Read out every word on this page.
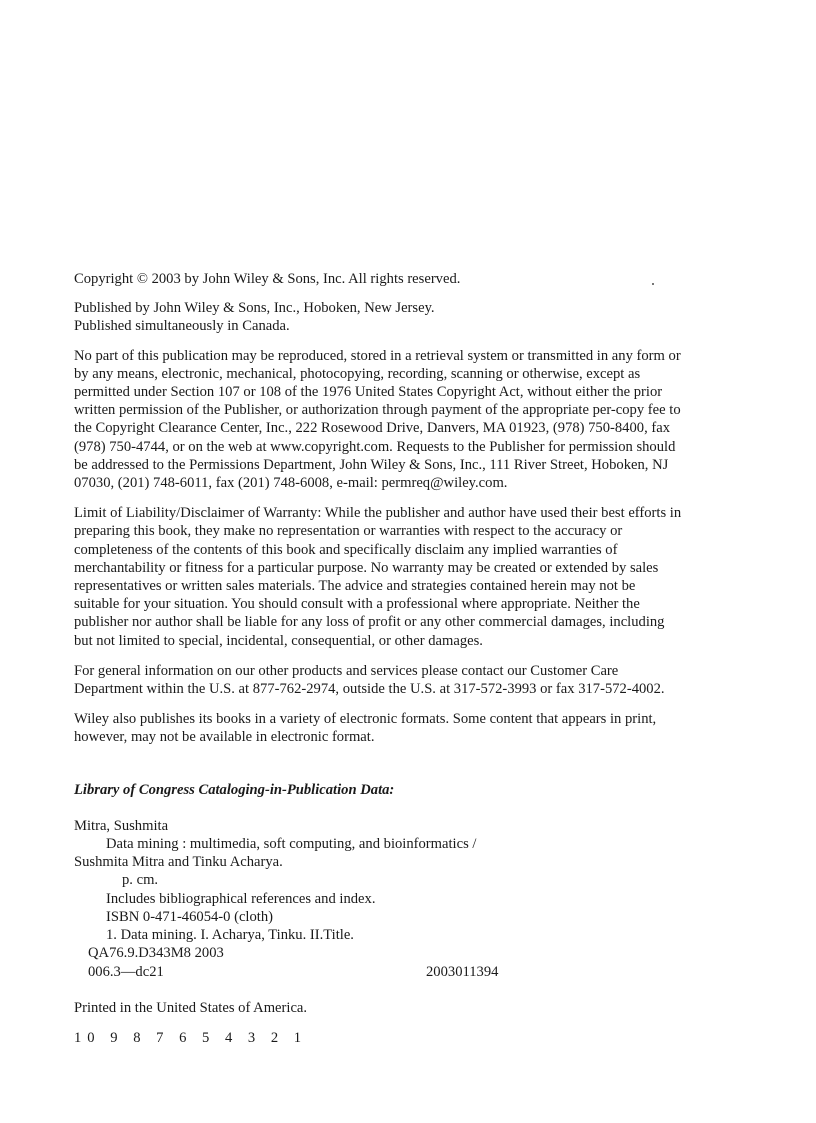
Copyright © 2003 by John Wiley & Sons, Inc. All rights reserved.

Published by John Wiley & Sons, Inc., Hoboken, New Jersey.
Published simultaneously in Canada.
No part of this publication may be reproduced, stored in a retrieval system or transmitted in any form or
by any means, electronic, mechanical, photocopying, recording, scanning or otherwise, except as
permitted under Section 107 or 108 of the 1976 United States Copyright Act, without either the prior
written permission of the Publisher, or authorization through payment of the appropriate per-copy fee to
the Copyright Clearance Center, Inc., 222 Rosewood Drive, Danvers, MA 01923, (978) 750-8400, fax
(978) 750-4744, or on the web at www.copyright.com. Requests to the Publisher for permission should
be addressed to the Permissions Department, John Wiley & Sons, Inc., 111 River Street, Hoboken, NJ
07030, (201) 748-6011, fax (201) 748-6008, e-mail: permreq@wiley.com.
Limit of Liability/Disclaimer of Warranty: While the publisher and author have used their best efforts in
preparing this book, they make no representation or warranties with respect to the accuracy or
completeness of the contents of this book and specifically disclaim any implied warranties of
merchantability or fitness for a particular purpose. No warranty may be created or extended by sales
representatives or written sales materials. The advice and strategies contained herein may not be
suitable for your situation. You should consult with a professional where appropriate. Neither the
publisher nor author shall be liable for any loss of profit or any other commercial damages, including
but not limited to special, incidental, consequential, or other damages.
For general information on our other products and services please contact our Customer Care
Department within the U.S. at 877-762-2974, outside the U.S. at 317-572-3993 or fax 317-572-4002.
Wiley also publishes its books in a variety of electronic formats. Some content that appears in print,
however, may not be available in electronic format.
Library of Congress Cataloging-in-Publication Data:
Mitra, Sushmita
Data mining : multimedia, soft computing, and bioinformatics /
Sushmita Mitra and Tinku Acharya.
p. cm.
Includes bibliographical references and index.
ISBN 0-471-46054-0 (cloth)
1. Data mining. I. Acharya, Tinku. II.Title.
QA76.9.D343M8 2003
006.3—dc21	2003011394

Printed in the United States of America.

10 9 8 7 6 5 4 3 2 1
